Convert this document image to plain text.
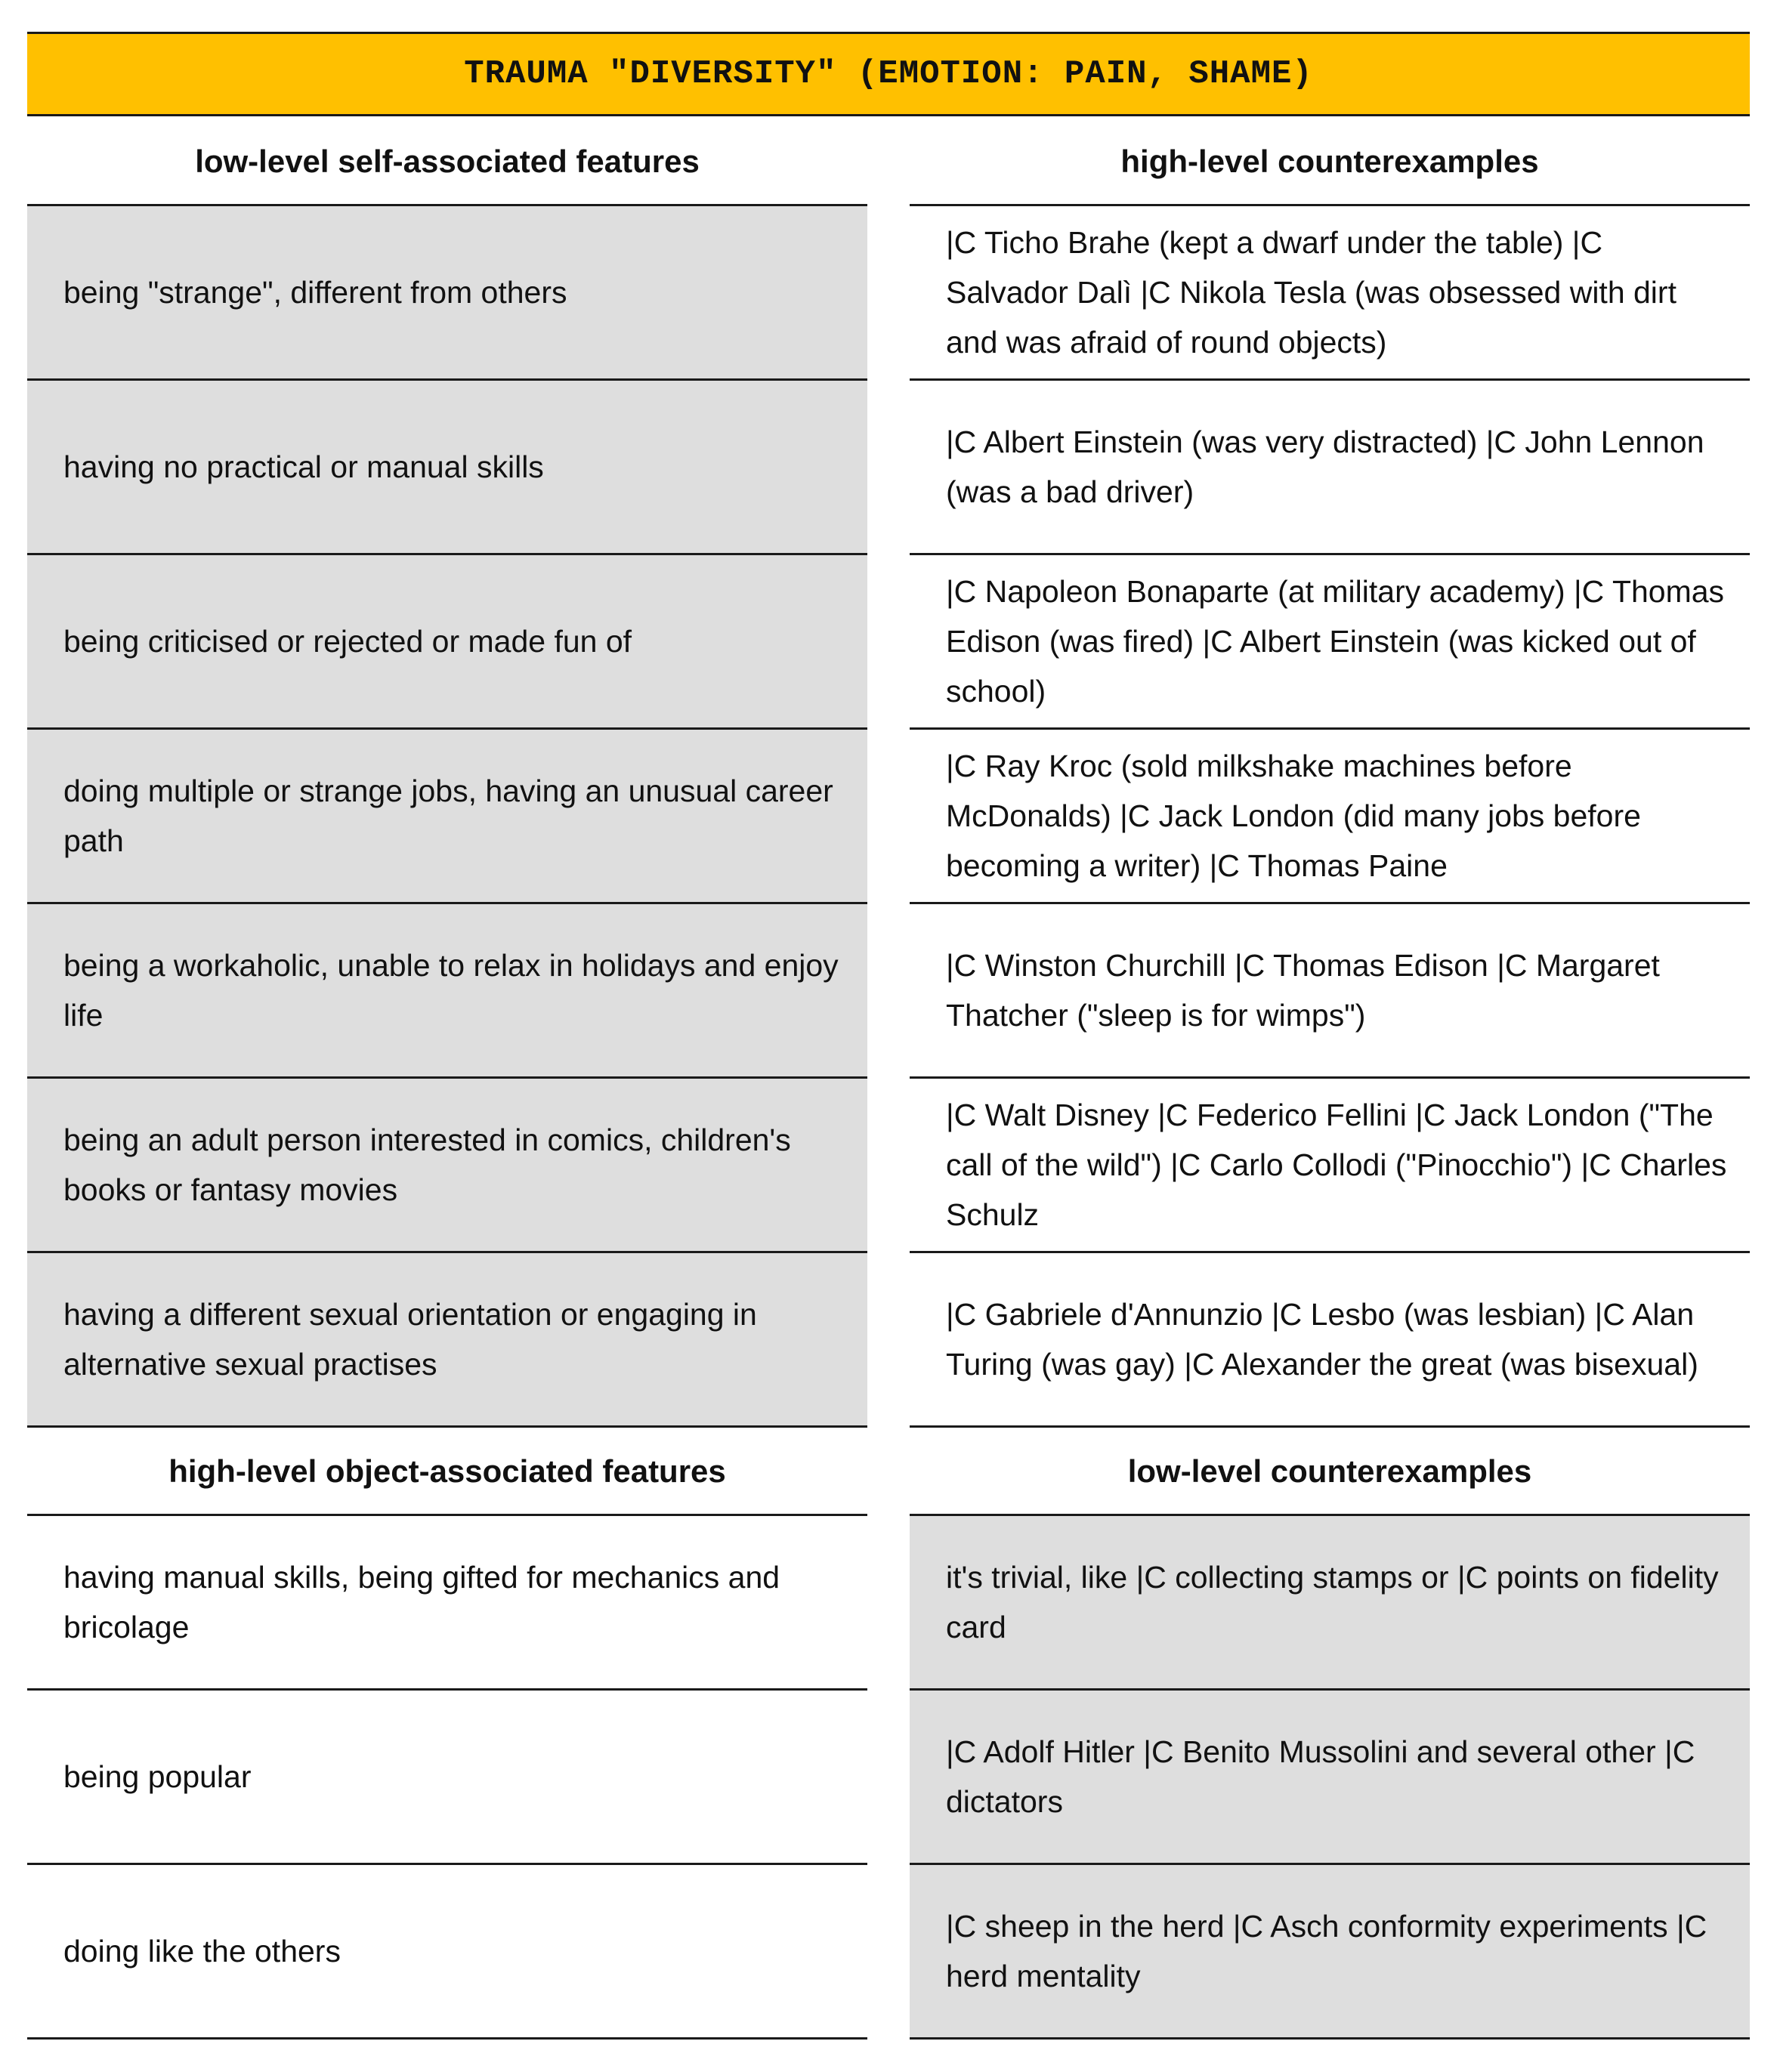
TRAUMA "DIVERSITY" (EMOTION: PAIN, SHAME)
low-level self-associated features
being "strange", different from others
having no practical or manual skills
being criticised or rejected or made fun of
doing multiple or strange jobs, having an unusual career path
being a workaholic, unable to relax in holidays and enjoy life
being an adult person interested in comics, children's books or fantasy movies
having a different sexual orientation or engaging in alternative sexual practises
high-level counterexamples
|C Ticho Brahe (kept a dwarf under the table) |C Salvador Dalì |C Nikola Tesla (was obsessed with dirt and was afraid of round objects)
|C Albert Einstein (was very distracted) |C John Lennon (was a bad driver)
|C Napoleon Bonaparte (at military academy) |C Thomas Edison (was fired) |C Albert Einstein (was kicked out of school)
|C Ray Kroc (sold milkshake machines before McDonalds) |C Jack London (did many jobs before becoming a writer) |C Thomas Paine
|C Winston Churchill |C Thomas Edison |C Margaret Thatcher ("sleep is for wimps")
|C Walt Disney |C Federico Fellini |C Jack London ("The call of the wild") |C Carlo Collodi ("Pinocchio") |C Charles Schulz
|C Gabriele d'Annunzio |C Lesbo (was lesbian) |C Alan Turing (was gay) |C Alexander the great (was bisexual)
high-level object-associated features
having manual skills, being gifted for mechanics and bricolage
being popular
doing like the others
low-level counterexamples
it's trivial, like |C collecting stamps or |C points on fidelity card
|C Adolf Hitler |C Benito Mussolini and several other |C dictators
|C sheep in the herd |C Asch conformity experiments |C herd mentality
